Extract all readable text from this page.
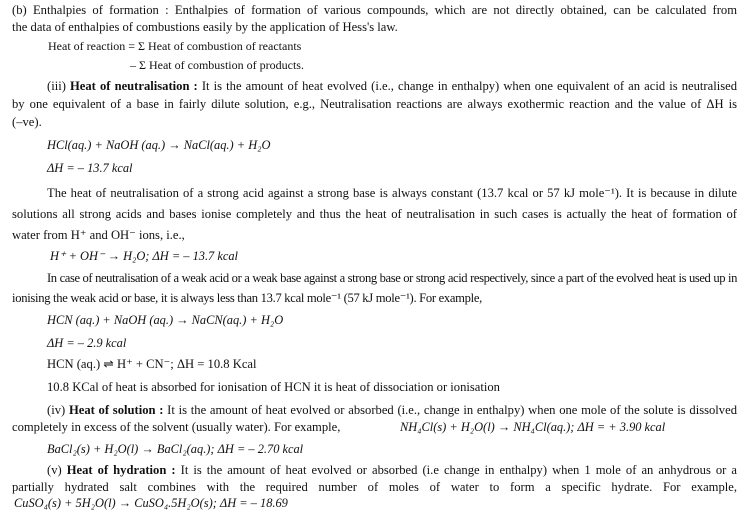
(b) Enthalpies of formation : Enthalpies of formation of various compounds, which are not directly obtained, can be calculated from
the data of enthalpies of combustions easily by the application of Hess's law.
Heat of reaction = Σ Heat of combustion of reactants
– Σ Heat of combustion of products.
(iii) Heat of neutralisation : It is the amount of heat evolved (i.e., change in enthalpy) when one equivalent of an acid is neutralised
by one equivalent of a base in fairly dilute solution, e.g., Neutralisation reactions are always exothermic reaction and the value of ΔH is
(–ve).
HCl(aq.) + NaOH (aq.) → NaCl(aq.) + H₂O
ΔH = – 13.7 kcal
The heat of neutralisation of a strong acid against a strong base is always constant (13.7 kcal or 57 kJ mole⁻¹). It is because in dilute
solutions all strong acids and bases ionise completely and thus the heat of neutralisation in such cases is actually the heat of formation of
water from H⁺ and OH⁻ ions, i.e.,
H⁺ + OH⁻ → H₂O; ΔH = – 13.7 kcal
In case of neutralisation of a weak acid or a weak base against a strong base or strong acid respectively, since a part of the evolved heat is used up in
ionising the weak acid or base, it is always less than 13.7 kcal mole⁻¹ (57 kJ mole⁻¹). For example,
HCN (aq.) + NaOH (aq.) → NaCN(aq.) + H₂O
ΔH = – 2.9 kcal
HCN (aq.) ⇌ H⁺ + CN⁻; ΔH = 10.8 Kcal
10.8 KCal of heat is absorbed for ionisation of HCN it is heat of dissociation or ionisation
(iv) Heat of solution : It is the amount of heat evolved or absorbed (i.e., change in enthalpy) when one mole of the solute is dissolved
completely in excess of the solvent (usually water). For example,	NH₄Cl(s) + H₂O(l) → NH₄Cl(aq.); ΔH = + 3.90 kcal
BaCl₂(s) + H₂O(l) → BaCl₂(aq.); ΔH = – 2.70 kcal
(v) Heat of hydration : It is the amount of heat evolved or absorbed (i.e change in enthalpy) when 1 mole of an anhydrous or a
partially hydrated salt combines with the required number of moles of water to form a specific hydrate. For example,
CuSO₄(s) + 5H₂O(l) → CuSO₄.5H₂O(s); ΔH = – 18.69
